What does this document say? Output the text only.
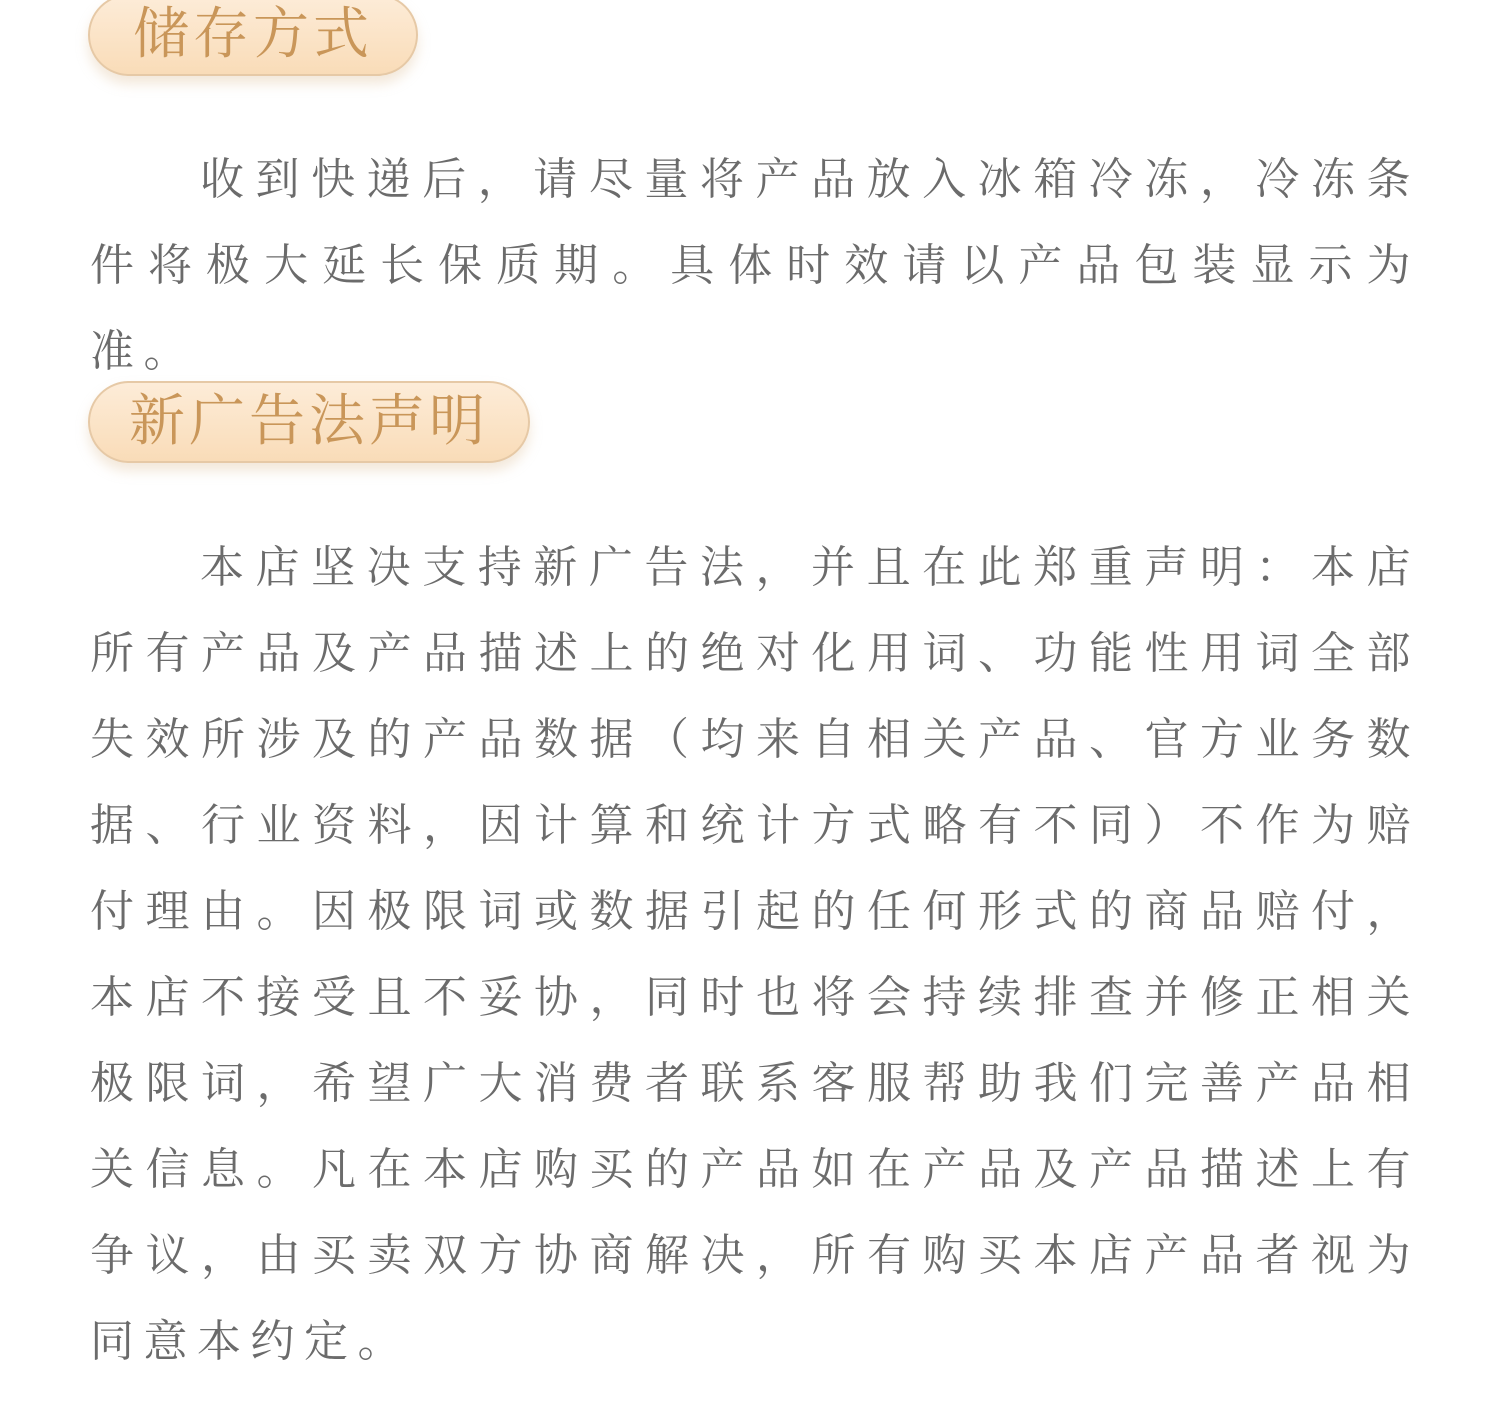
储存方式

收到快递后，请尽量将产品放入冰箱冷冻，冷冻条件将极大延长保质期。具体时效请以产品包装显示为准。

新广告法声明

本店坚决支持新广告法，并且在此郑重声明：本店所有产品及产品描述上的绝对化用词、功能性用词全部失效所涉及的产品数据（均来自相关产品、官方业务数据、行业资料，因计算和统计方式略有不同）不作为赔付理由。因极限词或数据引起的任何形式的商品赔付，本店不接受且不妥协，同时也将会持续排查并修正相关极限词，希望广大消费者联系客服帮助我们完善产品相关信息。凡在本店购买的产品如在产品及产品描述上有争议，由买卖双方协商解决，所有购买本店产品者视为同意本约定。
